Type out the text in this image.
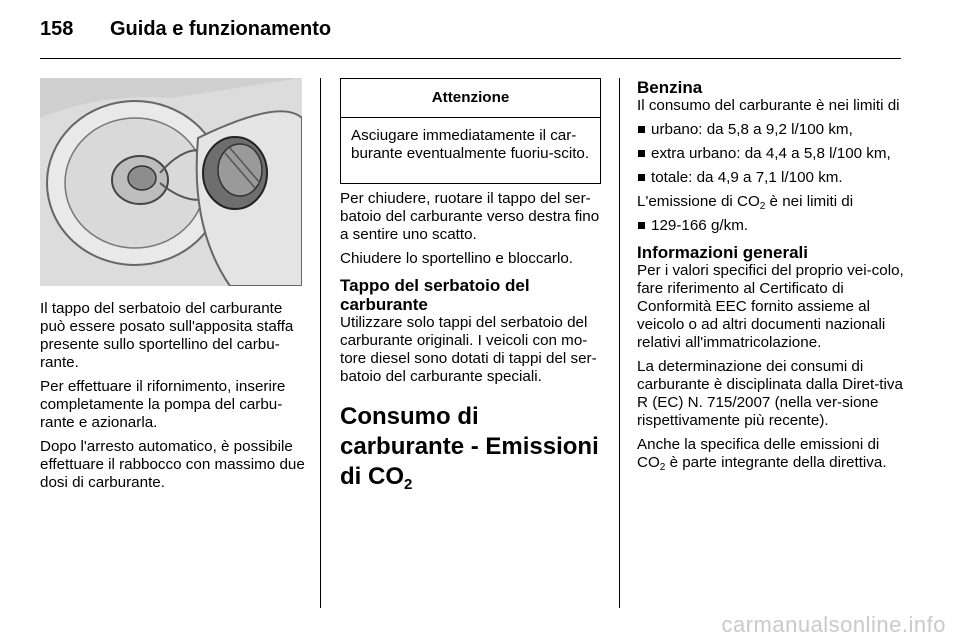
158 Guida e funzionamento

Il tappo del serbatoio del carburante può essere posato sull'apposita staffa presente sullo sportellino del carbu-rante.

Per effettuare il rifornimento, inserire completamente la pompa del carbu-rante e azionarla.

Dopo l'arresto automatico, è possibile effettuare il rabbocco con massimo due dosi di carburante.

Attenzione
Asciugare immediatamente il car-burante eventualmente fuoriu-scito.

Per chiudere, ruotare il tappo del ser-batoio del carburante verso destra fino a sentire uno scatto.

Chiudere lo sportellino e bloccarlo.

Tappo del serbatoio del carburante

Utilizzare solo tappi del serbatoio del carburante originali. I veicoli con mo-tore diesel sono dotati di tappi del ser-batoio del carburante speciali.

Consumo di carburante - Emissioni di $CO_2$
Benzina

Il consumo del carburante è nei limiti di

urbano: da 5,8 a 9,2 l/100 km,
extra urbano: da 4,4 a 5,8 l/100 km,
totale: da 4,9 a 7,1 l/100 km.

L'emissione di $CO_2$ è nei limiti di

129-166 g/km.
Informazioni generali

Per i valori specifici del proprio vei-colo, fare riferimento al Certificato di Conformità EEC fornito assieme al veicolo o ad altri documenti nazionali relativi all'immatricolazione.

La determinazione dei consumi di carburante è disciplinata dalla Diret-tiva R (EC) N. 715/2007 (nella ver-sione rispettivamente più recente).

Anche la specifica delle emissioni di $CO_2$ è parte integrante della direttiva.

carmanualsonline.info
